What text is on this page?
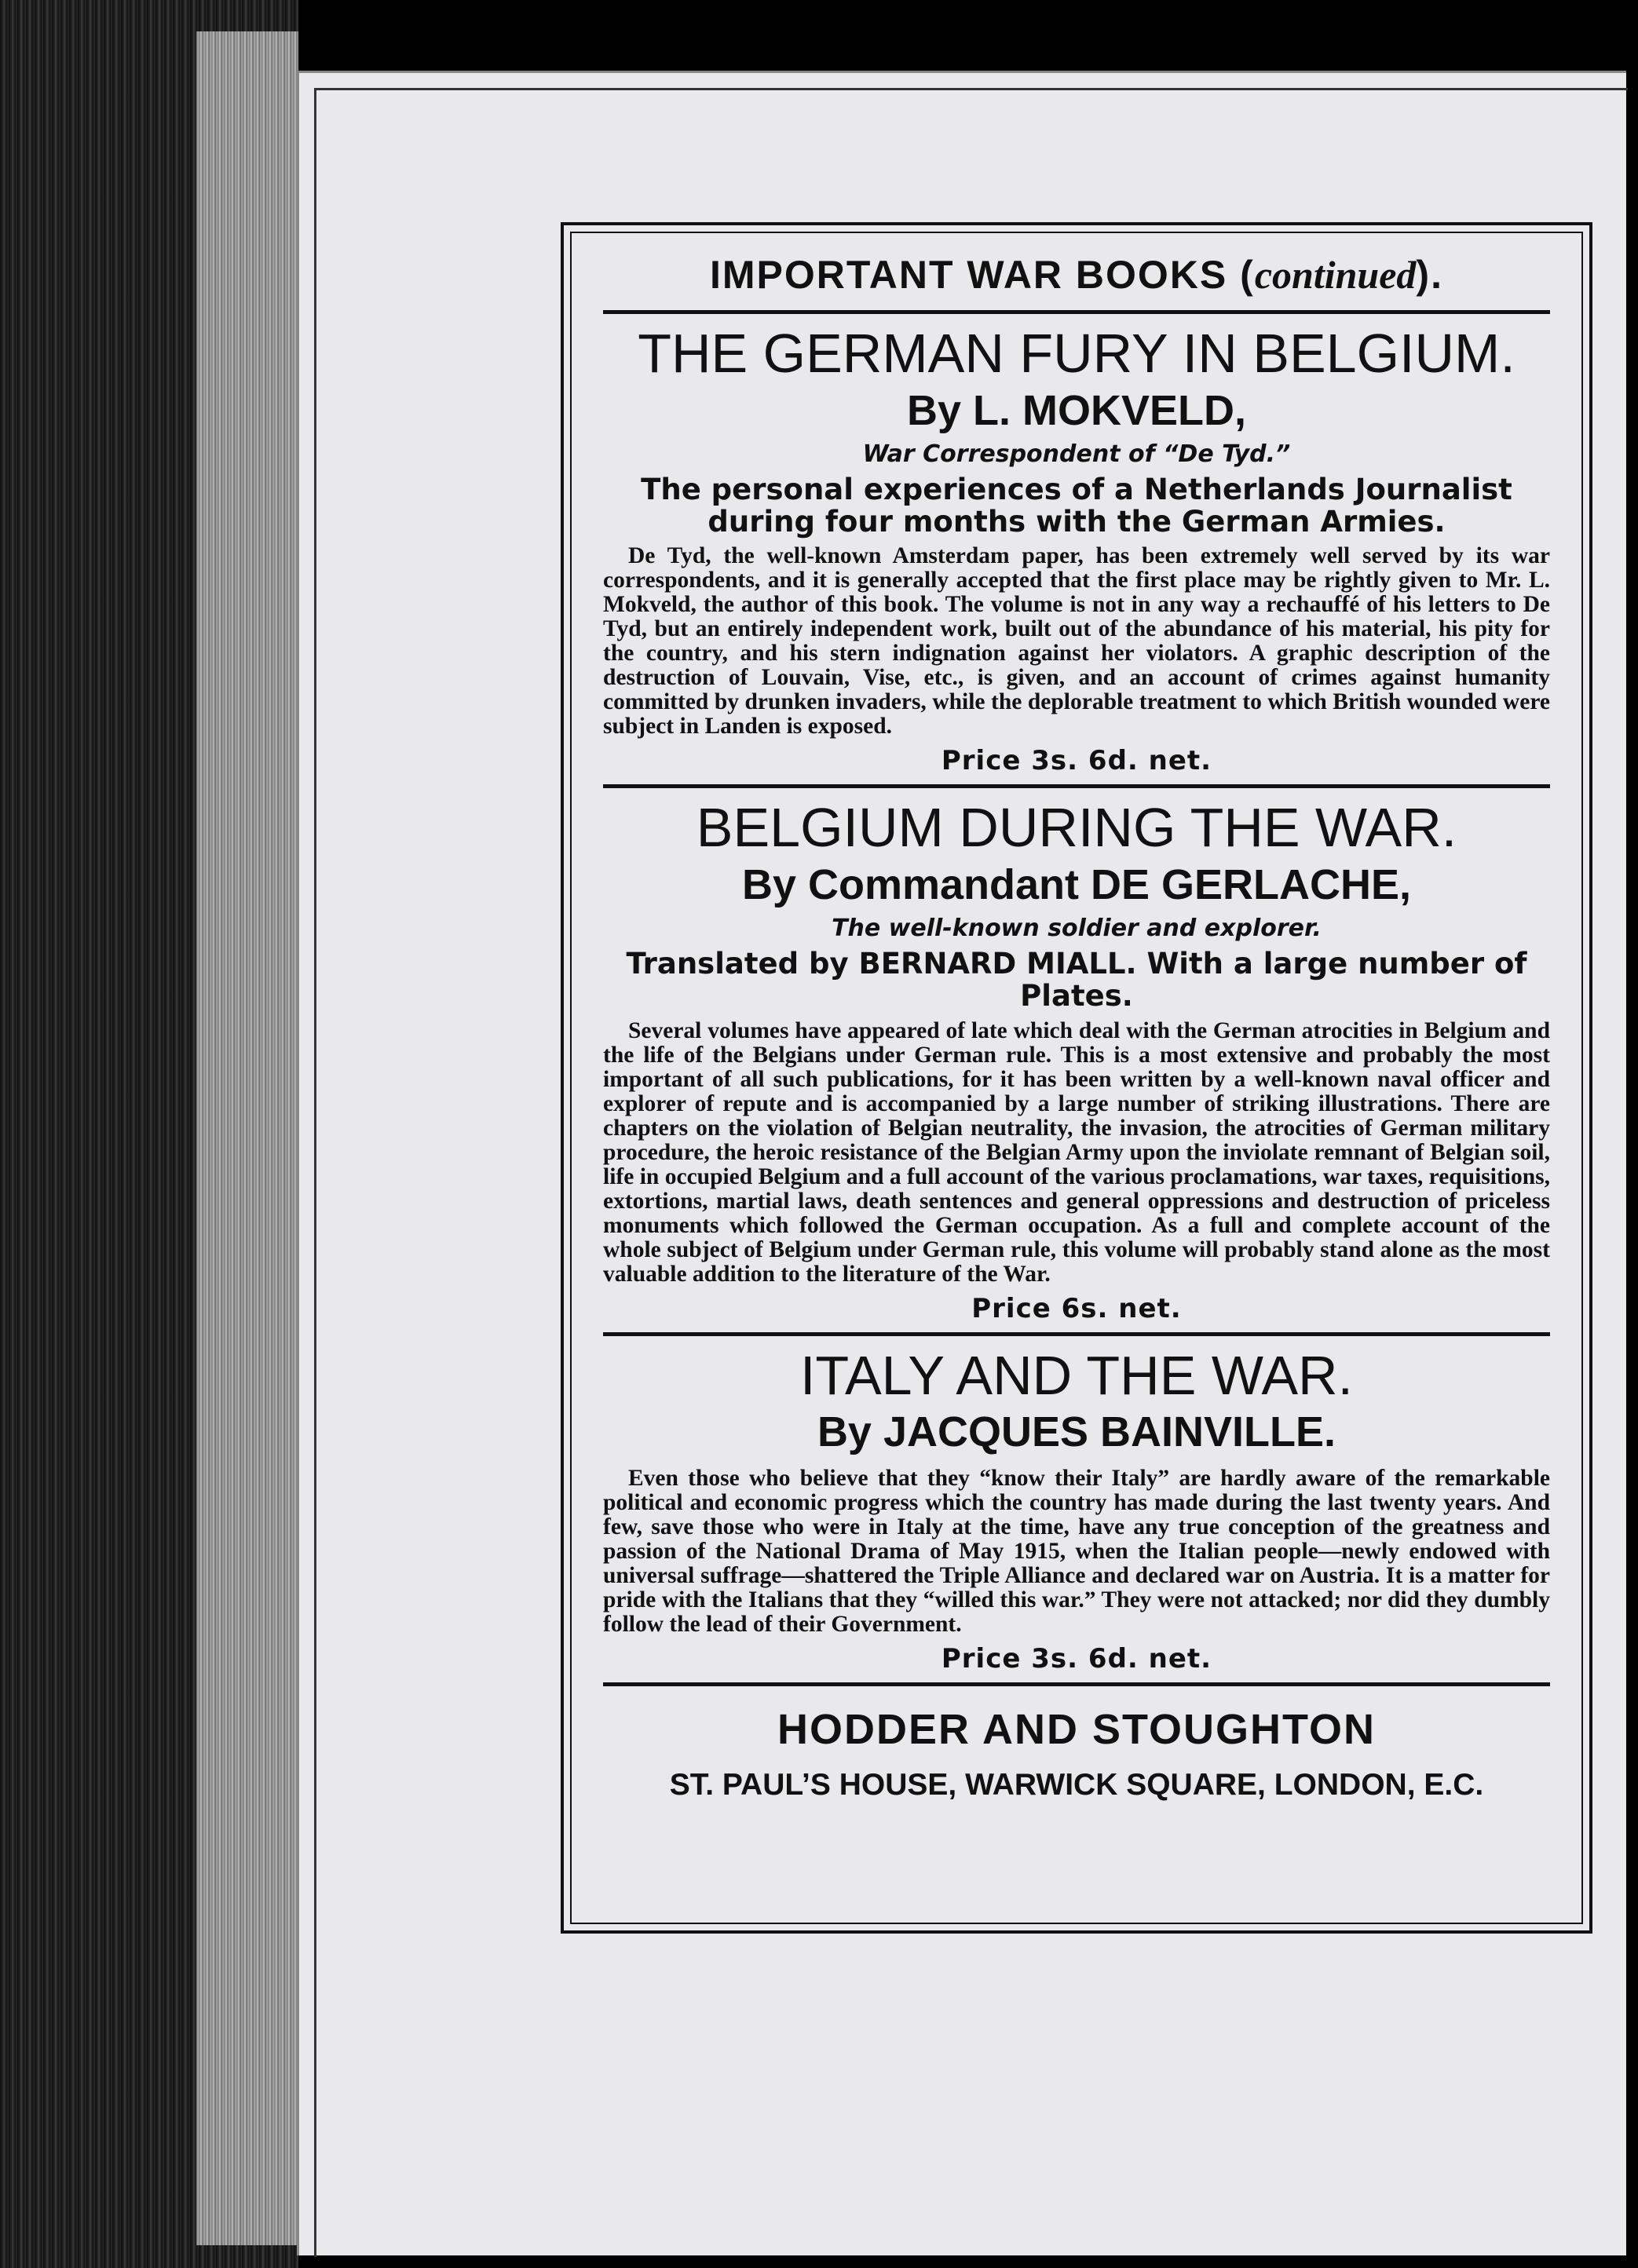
IMPORTANT WAR BOOKS (continued).
THE GERMAN FURY IN BELGIUM.
By L. MOKVELD,
War Correspondent of “De Tyd.”
The personal experiences of a Netherlands Journalist during four months with the German Armies.

De Tyd, the well-known Amsterdam paper, has been extremely well served by its war correspondents, and it is generally accepted that the first place may be rightly given to Mr. L. Mokveld, the author of this book. The volume is not in any way a rechauffé of his letters to De Tyd, but an entirely independent work, built out of the abundance of his material, his pity for the country, and his stern indignation against her violators. A graphic description of the destruction of Louvain, Vise, etc., is given, and an account of crimes against humanity committed by drunken invaders, while the deplorable treatment to which British wounded were subject in Landen is exposed.

Price 3s. 6d. net.
BELGIUM DURING THE WAR.
By Commandant DE GERLACHE,
The well-known soldier and explorer.
Translated by BERNARD MIALL. With a large number of Plates.

Several volumes have appeared of late which deal with the German atrocities in Belgium and the life of the Belgians under German rule. This is a most extensive and probably the most important of all such publications, for it has been written by a well-known naval officer and explorer of repute and is accompanied by a large number of striking illustrations. There are chapters on the violation of Belgian neutrality, the invasion, the atrocities of German military procedure, the heroic resistance of the Belgian Army upon the inviolate remnant of Belgian soil, life in occupied Belgium and a full account of the various proclamations, war taxes, requisitions, extortions, martial laws, death sentences and general oppressions and destruction of priceless monuments which followed the German occupation. As a full and complete account of the whole subject of Belgium under German rule, this volume will probably stand alone as the most valuable addition to the literature of the War.

Price 6s. net.
ITALY AND THE WAR.
By JACQUES BAINVILLE.

Even those who believe that they “know their Italy” are hardly aware of the remarkable political and economic progress which the country has made during the last twenty years. And few, save those who were in Italy at the time, have any true conception of the greatness and passion of the National Drama of May 1915, when the Italian people—newly endowed with universal suffrage—shattered the Triple Alliance and declared war on Austria. It is a matter for pride with the Italians that they “willed this war.” They were not attacked; nor did they dumbly follow the lead of their Government.

Price 3s. 6d. net.
HODDER AND STOUGHTON
ST. PAUL’S HOUSE, WARWICK SQUARE, LONDON, E.C.
